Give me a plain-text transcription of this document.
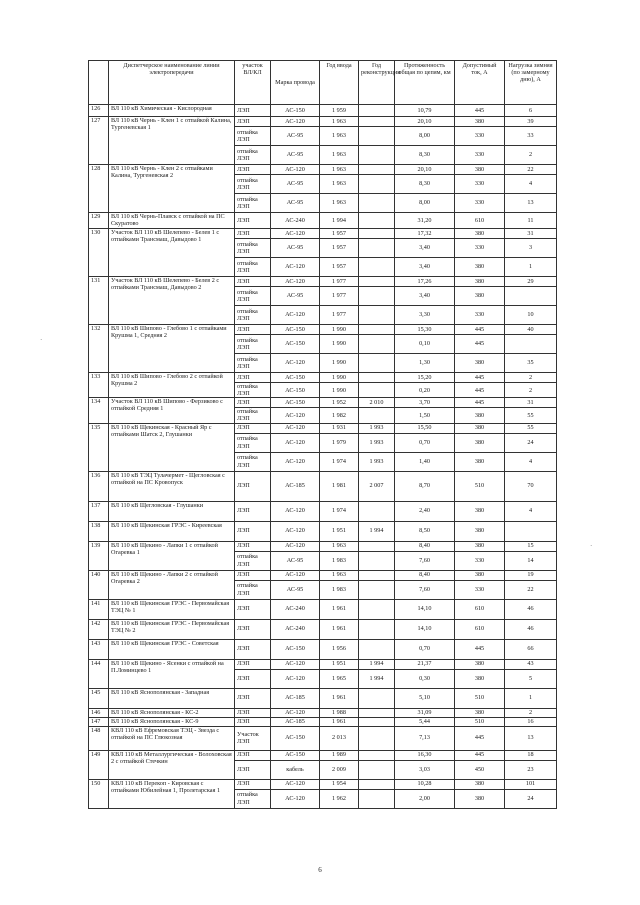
	Диспетчерское наименование линии электропередачи	участок ВЛ/КЛ	Марка провода	Год ввода	Год реконструкции	Протяженность общая по цепям, км	Допустимый ток, А	Нагрузка зимняя (по замерному дню), А
126	ВЛ 110 кВ Химическая - Кислородная	ЛЭП	АС-150	1 959		10,79	445	6
127	ВЛ 110 кВ Чернь - Клен 1 с отпайкой Калина, Тургеневская 1	ЛЭП	АС-120	1 963		20,10	380	39
		отпайка ЛЭП	АС-95	1 963		8,00	330	33
		отпайка ЛЭП	АС-95	1 963		8,30	330	2
128	ВЛ 110 кВ Чернь - Клен 2 с отпайками Калина, Тургеневская 2	ЛЭП	АС-120	1 963		20,10	380	22
		отпайка ЛЭП	АС-95	1 963		8,30	330	4
		отпайка ЛЭП	АС-95	1 963		8,00	330	13
129	ВЛ 110 кВ Чернь-Плавск с отпайкой на ПС Скуратово	ЛЭП	АС-240	1 994		31,20	610	11
130	Участок ВЛ 110 кВ Шелепево - Белев 1 с отпайками Трансмаш, Давыдово 1	ЛЭП	АС-120	1 957		17,32	380	31
		отпайка ЛЭП	АС-95	1 957		3,40	330	3
		отпайка ЛЭП	АС-120	1 957		3,40	380	1
131	Участок ВЛ 110 кВ Шелепево - Белев 2 с отпайками Трансмаш, Давыдово 2	ЛЭП	АС-120	1 977		17,26	380	29
		отпайка ЛЭП	АС-95	1 977		3,40	380	
		отпайка ЛЭП	АС-120	1 977		3,30	330	10
132	ВЛ 110 кВ Шипово - Глебово 1 с отпайками Крушма 1, Средняя 2	ЛЭП	АС-150	1 990		15,30	445	40
		отпайка ЛЭП	АС-150	1 990		0,10	445	
		отпайка ЛЭП	АС-120	1 990		1,30	380	35
133	ВЛ 110 кВ Шипово - Глебово 2 с отпайкой Крушма 2	ЛЭП	АС-150	1 990		15,20	445	2
		отпайка ЛЭП	АС-150	1 990		0,20	445	2
134	Участок ВЛ 110 кВ Шипово - Ферзиково с отпайкой Средняя 1	ЛЭП	АС-150	1 952	2 010	3,70	445	31
		отпайка ЛЭП	АС-120	1 982		1,50	380	55
135	ВЛ 110 кВ Щекинская - Красный Яр с отпайками Шатск 2, Глушанки	ЛЭП	АС-120	1 931	1 993	15,50	380	55
		отпайка ЛЭП	АС-120	1 979	1 993	0,70	380	24
		отпайка ЛЭП	АС-120	1 974	1 993	1,40	380	4
136	ВЛ 110 кВ ТЭЦ Тулачермет - Щегловская с отпайкой на ПС Кровопуск	ЛЭП	АС-185	1 981	2 007	8,70	510	70
137	ВЛ 110 кВ Щегловская - Глушанки	ЛЭП	АС-120	1 974		2,40	380	4
138	ВЛ 110 кВ Щекинская ГРЭС - Киреевская	ЛЭП	АС-120	1 951	1 994	8,50	380	
139	ВЛ 110 кВ Щекино - Лапки 1 с отпайкой Огаревка 1	ЛЭП	АС-120	1 963		8,40	380	15
		отпайка ЛЭП	АС-95	1 983		7,60	330	14
140	ВЛ 110 кВ Щекино - Лапки 2 с отпайкой Огаревка 2	ЛЭП	АС-120	1 963		8,40	380	19
		отпайка ЛЭП	АС-95	1 983		7,60	330	22
141	ВЛ 110 кВ Щекинская ГРЭС - Первомайская ТЭЦ № 1	ЛЭП	АС-240	1 961		14,10	610	46
142	ВЛ 110 кВ Щекинская ГРЭС - Первомайская ТЭЦ № 2	ЛЭП	АС-240	1 961		14,10	610	46
143	ВЛ 110 кВ Щекинская ГРЭС - Советская	ЛЭП	АС-150	1 956		0,70	445	66
144	ВЛ 110 кВ Щекино - Ясенки с отпайкой на П.Ломинцево 1	ЛЭП	АС-120	1 951	1 994	21,37	380	43
		ЛЭП	АС-120	1 965	1 994	0,30	380	5
145	ВЛ 110 кВ Яснополянская - Западная	ЛЭП	АС-185	1 961		5,10	510	1
146	ВЛ 110 кВ Яснополянская - КС-2	ЛЭП	АС-120	1 988		31,09	380	2
147	ВЛ 110 кВ Яснополянская - КС-9	ЛЭП	АС-185	1 961		5,44	510	16
148	КВЛ 110 кВ Ефремовская ТЭЦ - Звезда с отпайкой на ПС Глюкозная	Участок ЛЭП	АС-150	2 013		7,13	445	13
149	КВЛ 110 кВ Металлургическая - Волоховская 2 с отпайкой Стечкин	ЛЭП	АС-150	1 989		16,30	445	18
		ЛЭП	кабель	2 009		3,03	450	23
150	КВЛ 110 кВ Перекоп - Кировская с отпайками Юбилейная 1, Пролетарская 1	ЛЭП	АС-120	1 954		10,28	380	101
		отпайка ЛЭП	АС-120	1 962		2,00	380	24
6
·
·
